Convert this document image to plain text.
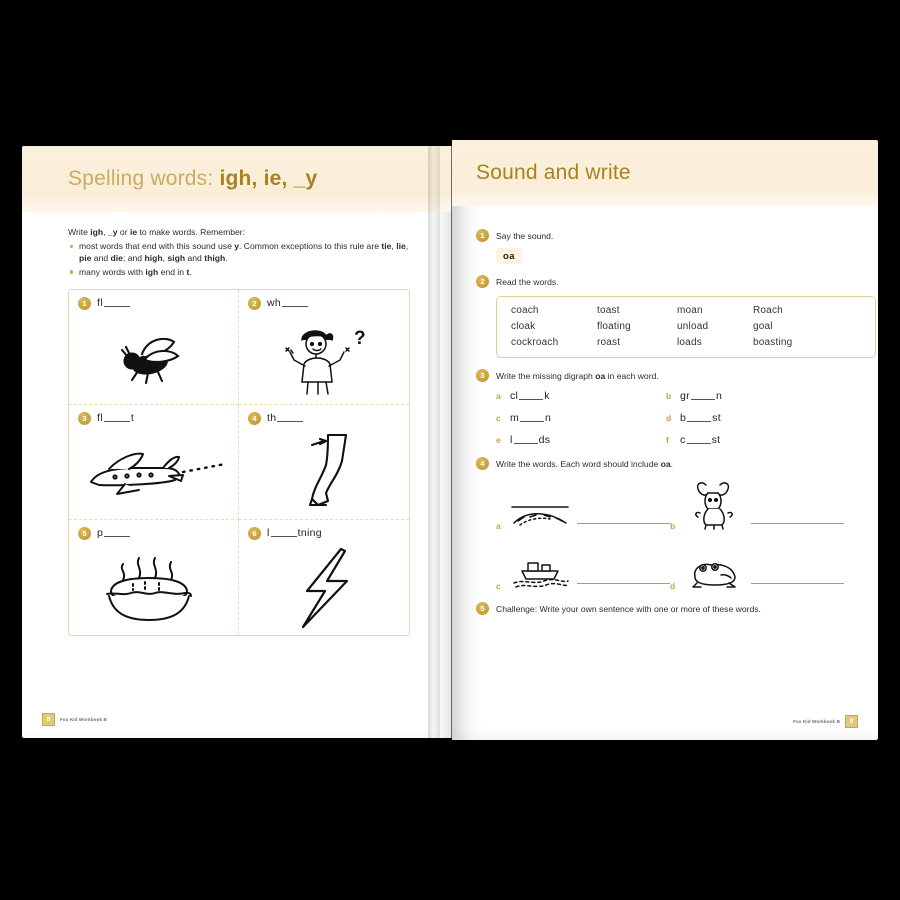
Spelling words: igh, ie, _y
Write igh, _y or ie to make words. Remember:
most words that end with this sound use y. Common exceptions to this rule are tie, lie, pie and die; and high, sigh and thigh.
many words with igh end in t.
1 fl	2 wh
?
3 fl	t	4 th
5 p	6 l	tning
8	Fox Kid Workbook B
Sound and write
1	Say the sound.
oa
2	Read the words.
coach	toast	moan	Roach
cloak	floating	unload	goal
cockroach	roast	loads	boasting
3	Write the missing digraph oa in each word.
a cl k	b gr n
c m n	d b st
e l ds	f	c st
4	Write the words. Each word should include oa.
a	b
c	d
5	Challenge: Write your own sentence with one or more of these words.
Fox Kid Workbook B	9
